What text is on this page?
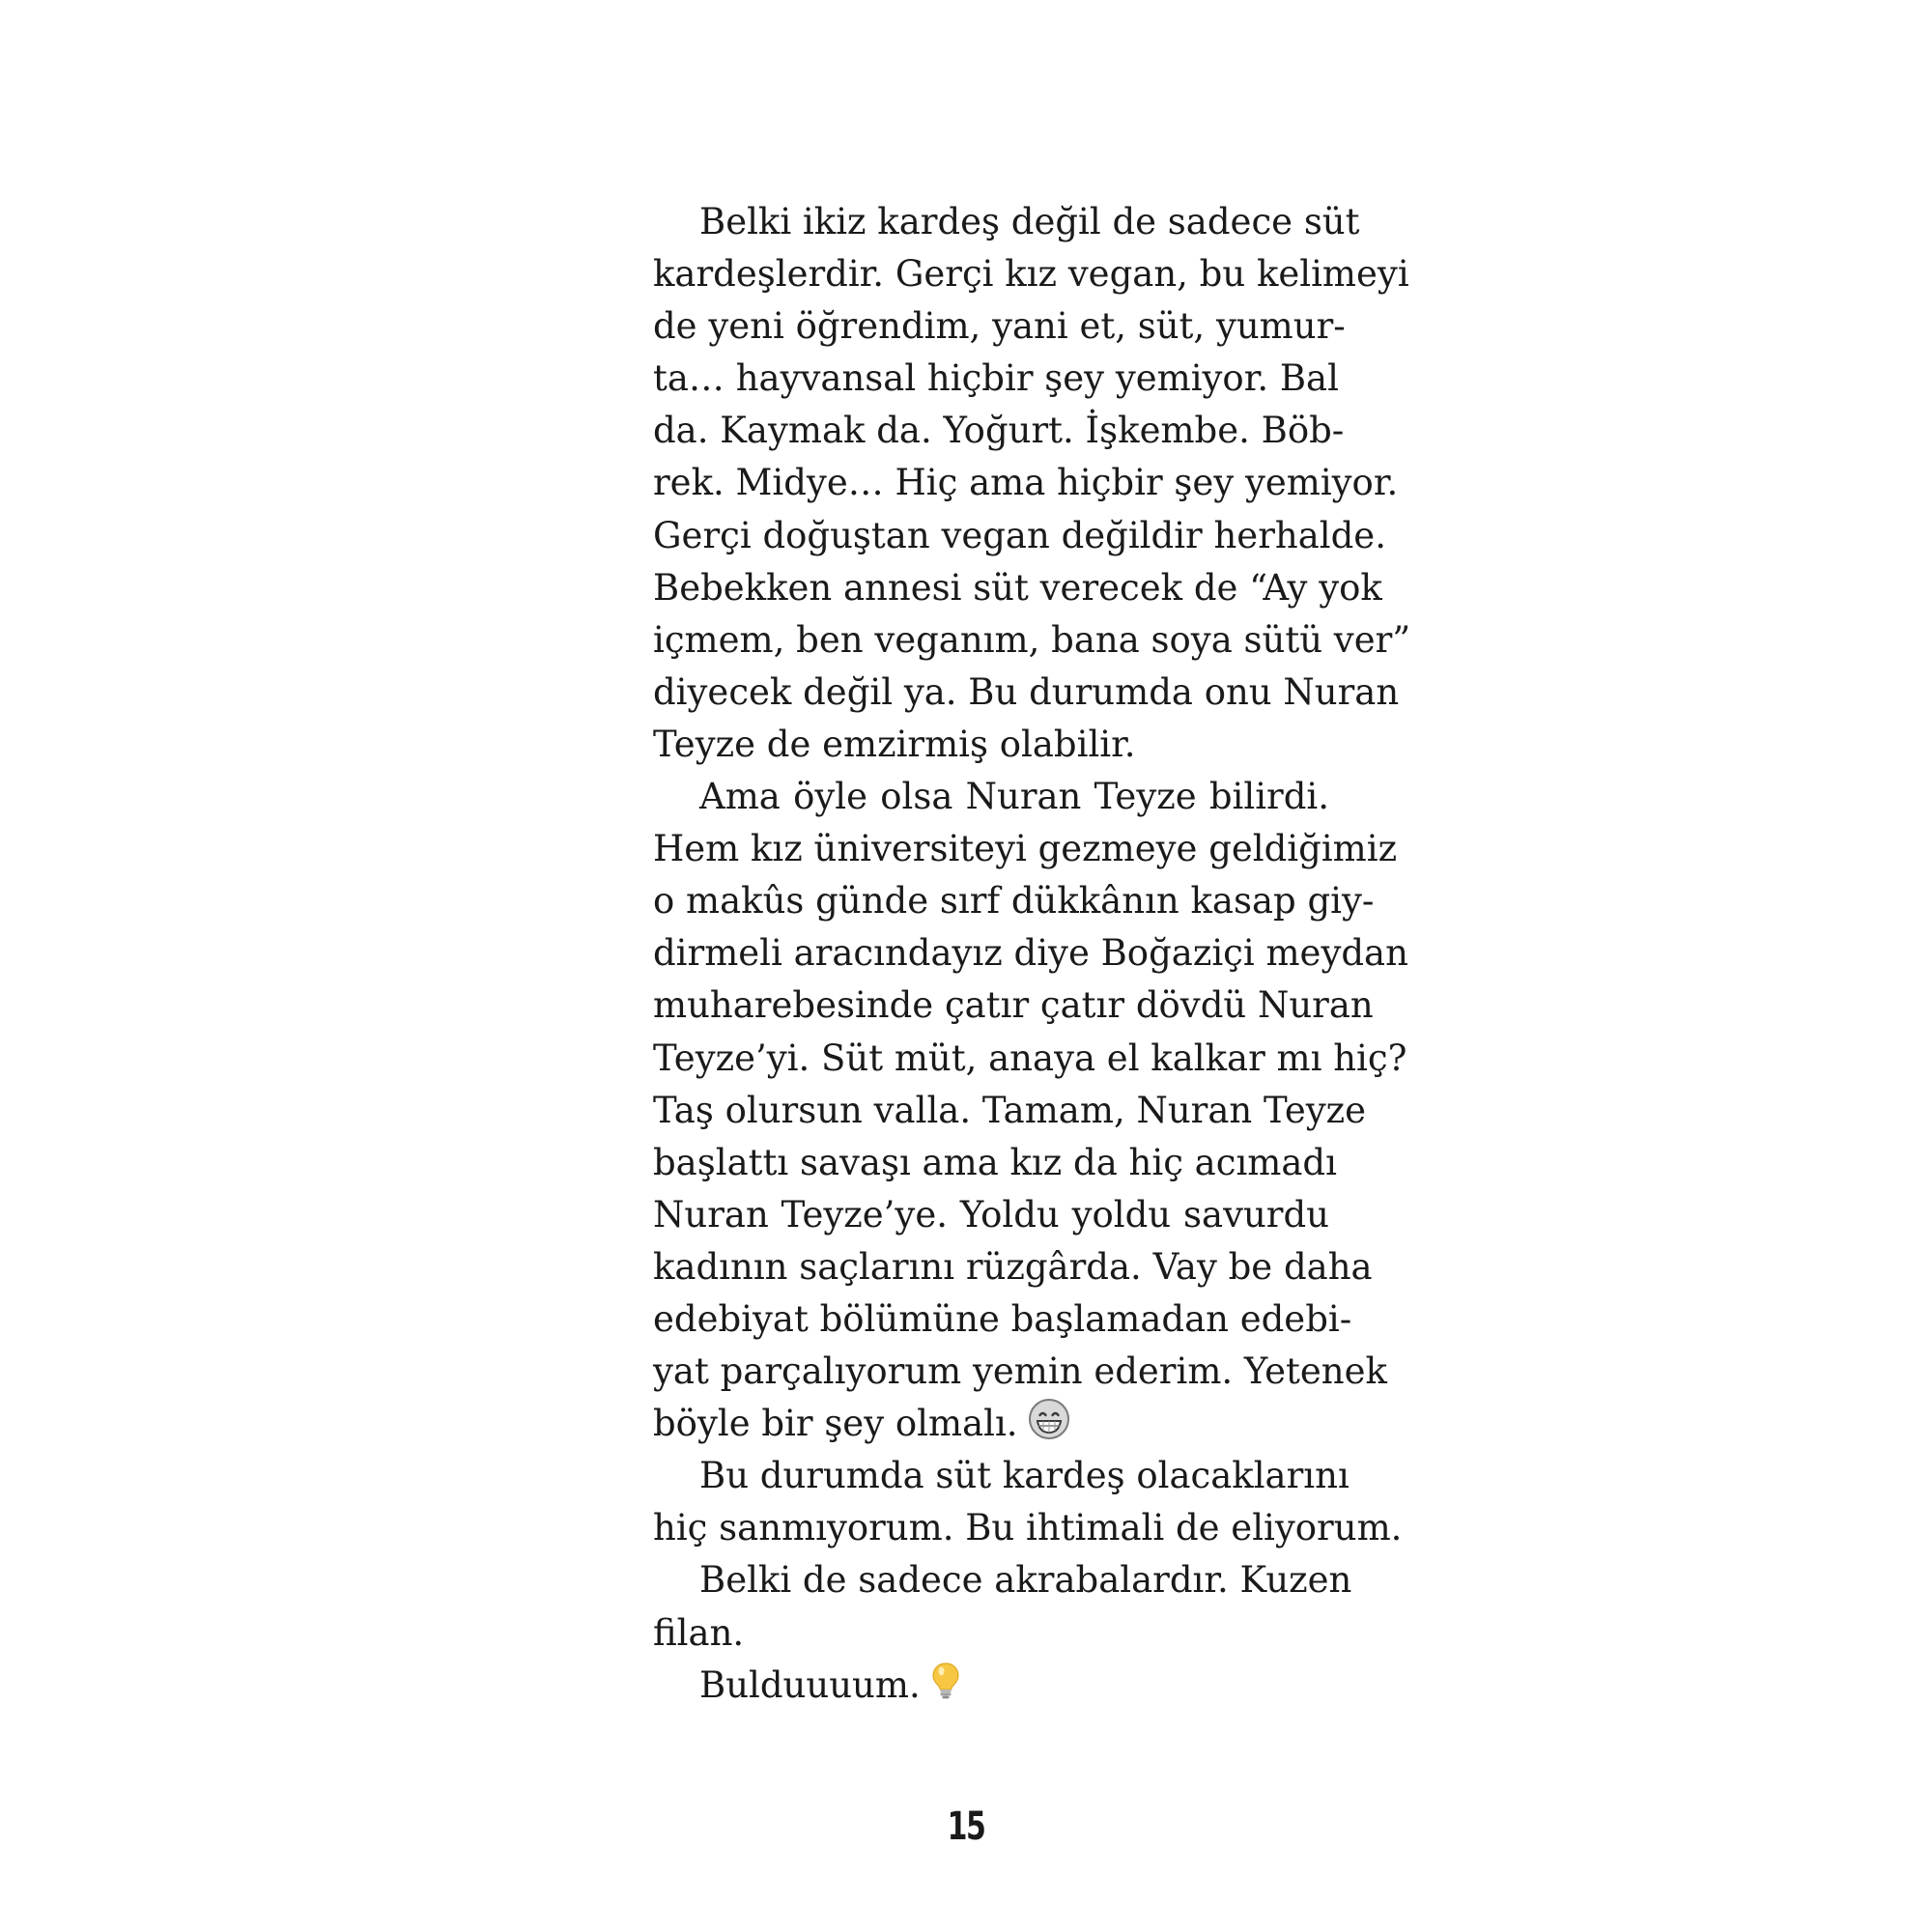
Belki ikiz kardeş değil de sadece süt
kardeşlerdir. Gerçi kız vegan, bu kelimeyi
de yeni öğrendim, yani et, süt, yumur-
ta… hayvansal hiçbir şey yemiyor. Bal
da. Kaymak da. Yoğurt. İşkembe. Böb-
rek. Midye… Hiç ama hiçbir şey yemiyor.
Gerçi doğuştan vegan değildir herhalde.
Bebekken annesi süt verecek de “Ay yok
içmem, ben veganım, bana soya sütü ver”
diyecek değil ya. Bu durumda onu Nuran
Teyze de emzirmiş olabilir.
Ama öyle olsa Nuran Teyze bilirdi.
Hem kız üniversiteyi gezmeye geldiğimiz
o makûs günde sırf dükkânın kasap giy-
dirmeli aracındayız diye Boğaziçi meydan
muharebesinde çatır çatır dövdü Nuran
Teyze’yi. Süt müt, anaya el kalkar mı hiç?
Taş olursun valla. Tamam, Nuran Teyze
başlattı savaşı ama kız da hiç acımadı
Nuran Teyze’ye. Yoldu yoldu savurdu
kadının saçlarını rüzgârda. Vay be daha
edebiyat bölümüne başlamadan edebi-
yat parçalıyorum yemin ederim. Yetenek
böyle bir şey olmalı.
Bu durumda süt kardeş olacaklarını
hiç sanmıyorum. Bu ihtimali de eliyorum.
Belki de sadece akrabalardır. Kuzen
filan.
Bulduuuum.
15
